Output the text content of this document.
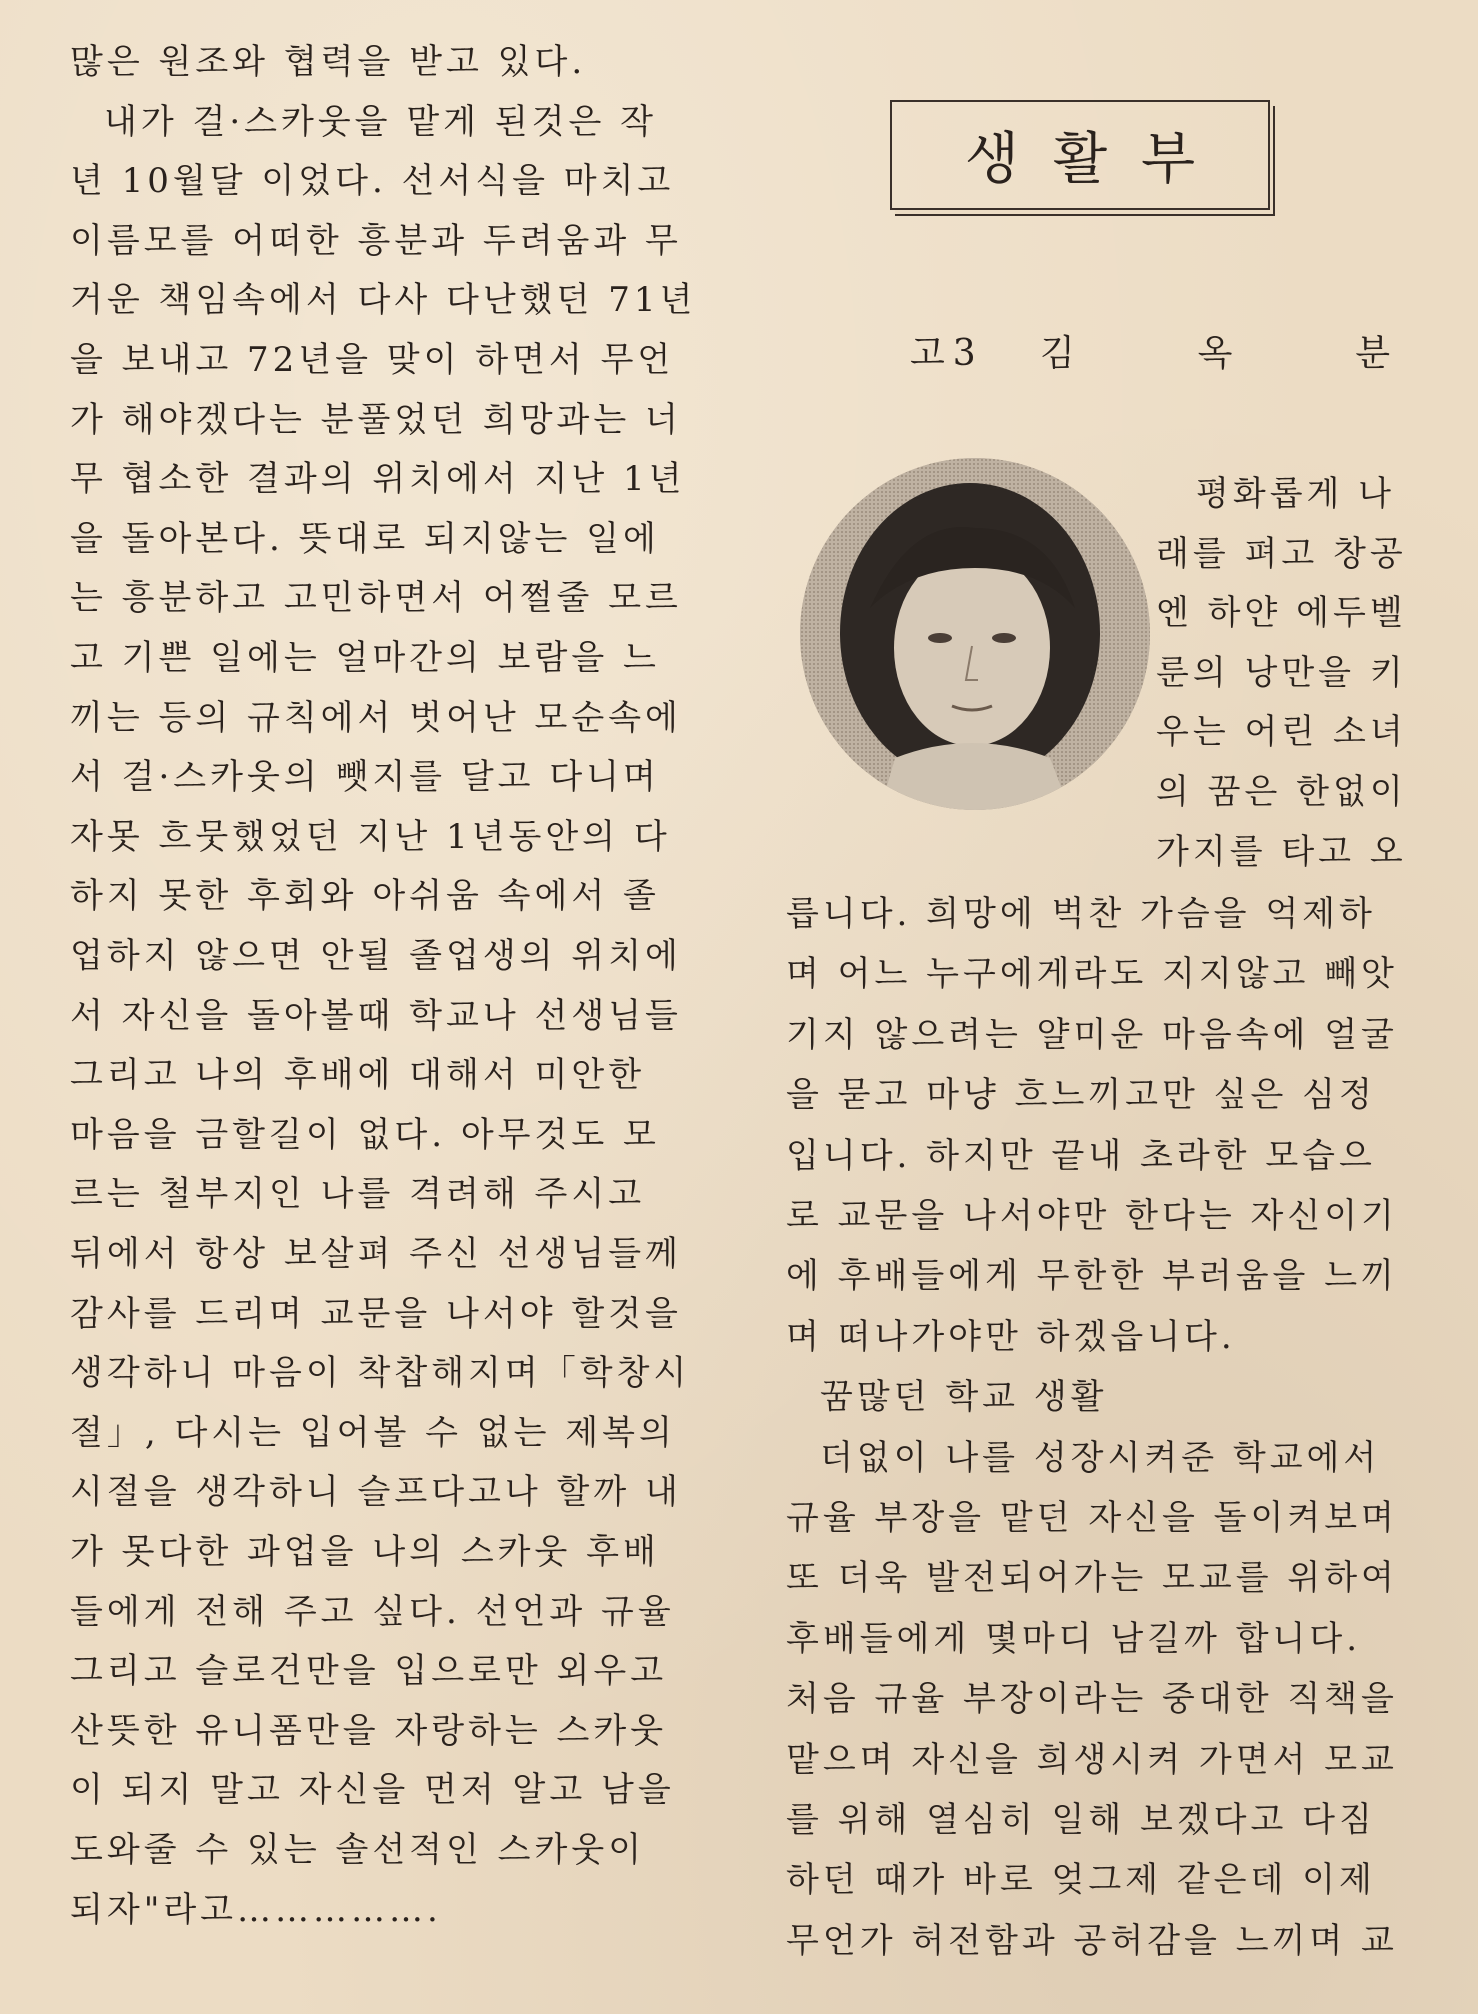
많은 원조와 협력을 받고 있다.
내가 걸·스카웃을 맡게 된것은 작
년 10월달 이었다. 선서식을 마치고
이름모를 어떠한 흥분과 두려움과 무
거운 책임속에서 다사 다난했던 71년
을 보내고 72년을 맞이 하면서 무언
가 해야겠다는 분풀었던 희망과는 너
무 협소한 결과의 위치에서 지난 1년
을 돌아본다. 뜻대로 되지않는 일에
는 흥분하고 고민하면서 어쩔줄 모르
고 기쁜 일에는 얼마간의 보람을 느
끼는 등의 규칙에서 벗어난 모순속에
서 걸·스카웃의 뺏지를 달고 다니며
자못 흐뭇했었던 지난 1년동안의 다
하지 못한 후회와 아쉬움 속에서 졸
업하지 않으면 안될 졸업생의 위치에
서 자신을 돌아볼때 학교나 선생님들
그리고 나의 후배에 대해서 미안한
마음을 금할길이 없다. 아무것도 모
르는 철부지인 나를 격려해 주시고
뒤에서 항상 보살펴 주신 선생님들께
감사를 드리며 교문을 나서야 할것을
생각하니 마음이 착찹해지며「학창시
절」, 다시는 입어볼 수 없는 제복의
시절을 생각하니 슬프다고나 할까 내
가 못다한 과업을 나의 스카웃 후배
들에게 전해 주고 싶다. 선언과 규율
그리고 슬로건만을 입으로만 외우고
산뜻한 유니폼만을 자랑하는 스카웃
이 되지 말고 자신을 먼저 알고 남을
도와줄 수 있는 솔선적인 스카웃이
되자"라고…………….
생활부
고3	김	옥	분
평화롭게 나
래를 펴고 창공
엔 하얀 에두벨
룬의 낭만을 키
우는 어린 소녀
의 꿈은 한없이
가지를 타고 오
릅니다. 희망에 벅찬 가슴을 억제하
며 어느 누구에게라도 지지않고 빼앗
기지 않으려는 얄미운 마음속에 얼굴
을 묻고 마냥 흐느끼고만 싶은 심정
입니다. 하지만 끝내 초라한 모습으
로 교문을 나서야만 한다는 자신이기
에 후배들에게 무한한 부러움을 느끼
며 떠나가야만 하겠읍니다.
꿈많던 학교 생활
더없이 나를 성장시켜준 학교에서
규율 부장을 맡던 자신을 돌이켜보며
또 더욱 발전되어가는 모교를 위하여
후배들에게 몇마디 남길까 합니다.
처음 규율 부장이라는 중대한 직책을
맡으며 자신을 희생시켜 가면서 모교
를 위해 열심히 일해 보겠다고 다짐
하던 때가 바로 엊그제 같은데 이제
무언가 허전함과 공허감을 느끼며 교
